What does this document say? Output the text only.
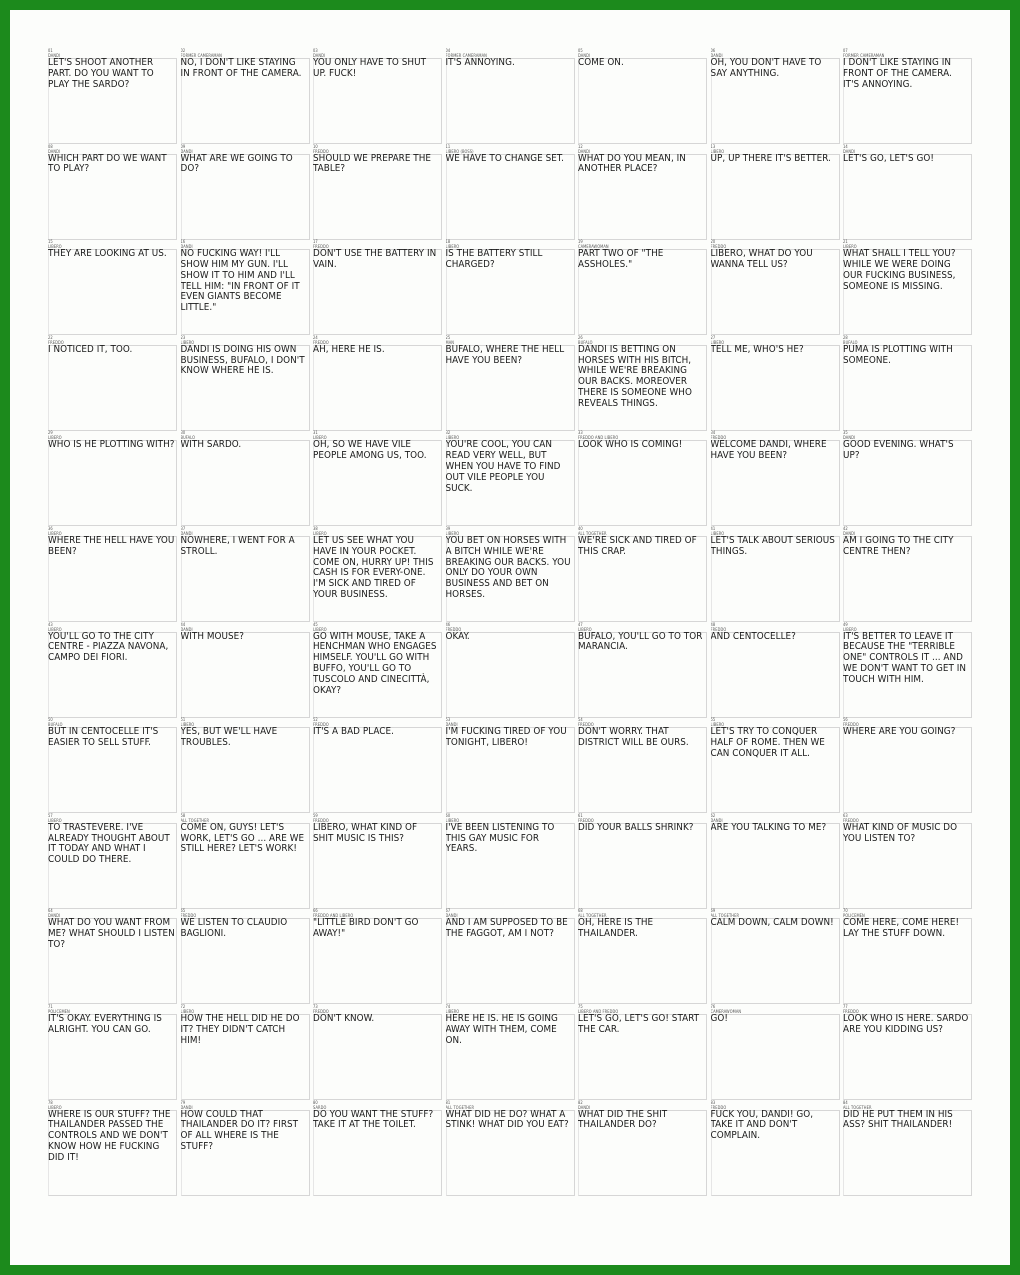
01
DANDI
LET'S SHOOT ANOTHER PART. DO YOU WANT TO PLAY THE SARDO?
02
FORMER CAMERAMAN
NO, I DON'T LIKE STAYING IN FRONT OF THE CAMERA.
03
DANDI
YOU ONLY HAVE TO SHUT UP. FUCK!
04
FORMER CAMERAMAN
IT'S ANNOYING.
05
DANDI
COME ON.
06
DANDI
OH, YOU DON'T HAVE TO SAY ANYTHING.
07
FORMER CAMERAMAN
I DON'T LIKE STAYING IN FRONT OF THE CAMERA. IT'S ANNOYING.
08
DANDI
WHICH PART DO WE WANT TO PLAY?
09
DANDI
WHAT ARE WE GOING TO DO?
10
FREDDO
SHOULD WE PREPARE THE TABLE?
11
LIBERO (BOSS)
WE HAVE TO CHANGE SET.
12
DANDI
WHAT DO YOU MEAN, IN ANOTHER PLACE?
13
LIBERO
UP, UP THERE IT'S BETTER.
14
DANDI
LET'S GO, LET'S GO!
15
LIBERO
THEY ARE LOOKING AT US.
16
DANDI
NO FUCKING WAY! I'LL SHOW HIM MY GUN. I'LL SHOW IT TO HIM AND I'LL TELL HIM: "IN FRONT OF IT EVEN GIANTS BECOME LITTLE."
17
FREDDO
DON'T USE THE BATTERY IN VAIN.
18
LIBERO
IS THE BATTERY STILL CHARGED?
19
CAMERAWOMAN
PART TWO OF "THE ASSHOLES."
20
FREDDO
LIBERO, WHAT DO YOU WANNA TELL US?
21
LIBERO
WHAT SHALL I TELL YOU? WHILE WE WERE DOING OUR FUCKING BUSINESS, SOMEONE IS MISSING.
22
FREDDO
I NOTICED IT, TOO.
23
LIBERO
DANDI IS DOING HIS OWN BUSINESS, BUFALO, I DON'T KNOW WHERE HE IS.
24
FREDDO
AH, HERE HE IS.
25
MAN
BUFALO, WHERE THE HELL HAVE YOU BEEN?
26
BUFALO
DANDI IS BETTING ON HORSES WITH HIS BITCH, WHILE WE'RE BREAKING OUR BACKS. MOREOVER THERE IS SOMEONE WHO REVEALS THINGS.
27
LIBERO
TELL ME, WHO'S HE?
28
BUFALO
PUMA IS PLOTTING WITH SOMEONE.
29
LIBERO
WHO IS HE PLOTTING WITH?
30
BUFALO
WITH SARDO.
31
LIBERO
OH, SO WE HAVE VILE PEOPLE AMONG US, TOO.
32
LIBERO
YOU'RE COOL, YOU CAN READ VERY WELL, BUT WHEN YOU HAVE TO FIND OUT VILE PEOPLE YOU SUCK.
33
FREDDO AND LIBERO
LOOK WHO IS COMING!
34
FREDDO
WELCOME DANDI, WHERE HAVE YOU BEEN?
35
DANDI
GOOD EVENING. WHAT'S UP?
36
LIBERO
WHERE THE HELL HAVE YOU BEEN?
37
DANDI
NOWHERE, I WENT FOR A STROLL.
38
LIBERO
LET US SEE WHAT YOU HAVE IN YOUR POCKET. COME ON, HURRY UP! THIS CASH IS FOR EVERY-ONE. I'M SICK AND TIRED OF YOUR BUSINESS.
39
LIBERO
YOU BET ON HORSES WITH A BITCH WHILE WE'RE BREAKING OUR BACKS. YOU ONLY DO YOUR OWN BUSINESS AND BET ON HORSES.
40
ALL TOGETHER
WE'RE SICK AND TIRED OF THIS CRAP.
41
LIBERO
LET'S TALK ABOUT SERIOUS THINGS.
42
DANDI
AM I GOING TO THE CITY CENTRE THEN?
43
LIBERO
YOU'LL GO TO THE CITY CENTRE - PIAZZA NAVONA, CAMPO DEI FIORI.
44
DANDI
WITH MOUSE?
45
LIBERO
GO WITH MOUSE, TAKE A HENCHMAN WHO ENGAGES HIMSELF. YOU'LL GO WITH BUFFO, YOU'LL GO TO TUSCOLO AND CINECITTÀ, OKAY?
46
FREDDO
OKAY.
47
LIBERO
BUFALO, YOU'LL GO TO TOR MARANCIA.
48
FREDDO
AND CENTOCELLE?
49
LIBERO
IT'S BETTER TO LEAVE IT BECAUSE THE "TERRIBLE ONE" CONTROLS IT ... AND WE DON'T WANT TO GET IN TOUCH WITH HIM.
50
BUFALO
BUT IN CENTOCELLE IT'S EASIER TO SELL STUFF.
51
LIBERO
YES, BUT WE'LL HAVE TROUBLES.
52
FREDDO
IT'S A BAD PLACE.
53
DANDI
I'M FUCKING TIRED OF YOU TONIGHT, LIBERO!
54
FREDDO
DON'T WORRY. THAT DISTRICT WILL BE OURS.
55
LIBERO
LET'S TRY TO CONQUER HALF OF ROME. THEN WE CAN CONQUER IT ALL.
56
FREDDO
WHERE ARE YOU GOING?
57
LIBERO
TO TRASTEVERE. I'VE ALREADY THOUGHT ABOUT IT TODAY AND WHAT I COULD DO THERE.
58
ALL TOGETHER
COME ON, GUYS! LET'S WORK, LET'S GO ... ARE WE STILL HERE? LET'S WORK!
59
FREDDO
LIBERO, WHAT KIND OF SHIT MUSIC IS THIS?
60
LIBERO
I'VE BEEN LISTENING TO THIS GAY MUSIC FOR YEARS.
61
FREDDO
DID YOUR BALLS SHRINK?
62
DANDI
ARE YOU TALKING TO ME?
63
FREDDO
WHAT KIND OF MUSIC DO YOU LISTEN TO?
64
DANDI
WHAT DO YOU WANT FROM ME? WHAT SHOULD I LISTEN TO?
65
FREDDO
WE LISTEN TO CLAUDIO BAGLIONI.
66
FREDDO AND LIBERO
"LITTLE BIRD DON'T GO AWAY!"
67
DANDI
AND I AM SUPPOSED TO BE THE FAGGOT, AM I NOT?
68
ALL TOGETHER
OH, HERE IS THE THAILANDER.
69
ALL TOGETHER
CALM DOWN, CALM DOWN!
70
POLICEMEN
COME HERE, COME HERE! LAY THE STUFF DOWN.
71
POLICEMEN
IT'S OKAY. EVERYTHING IS ALRIGHT. YOU CAN GO.
72
LIBERO
HOW THE HELL DID HE DO IT? THEY DIDN'T CATCH HIM!
73
FREDDO
DON'T KNOW.
74
LIBERO
HERE HE IS. HE IS GOING AWAY WITH THEM, COME ON.
75
LIBERO AND FREDDO
LET'S GO, LET'S GO! START THE CAR.
76
CAMERAWOMAN
GO!
77
FREDDO
LOOK WHO IS HERE. SARDO ARE YOU KIDDING US?
78
LIBERO
WHERE IS OUR STUFF? THE THAILANDER PASSED THE CONTROLS AND WE DON'T KNOW HOW HE FUCKING DID IT!
79
DANDI
HOW COULD THAT THAILANDER DO IT? FIRST OF ALL WHERE IS THE STUFF?
80
SARDO
DO YOU WANT THE STUFF? TAKE IT AT THE TOILET.
81
ALL TOGETHER
WHAT DID HE DO? WHAT A STINK! WHAT DID YOU EAT?
82
DANDI
WHAT DID THE SHIT THAILANDER DO?
83
FREDDO
FUCK YOU, DANDI! GO, TAKE IT AND DON'T COMPLAIN.
84
ALL TOGETHER
DID HE PUT THEM IN HIS ASS? SHIT THAILANDER!
